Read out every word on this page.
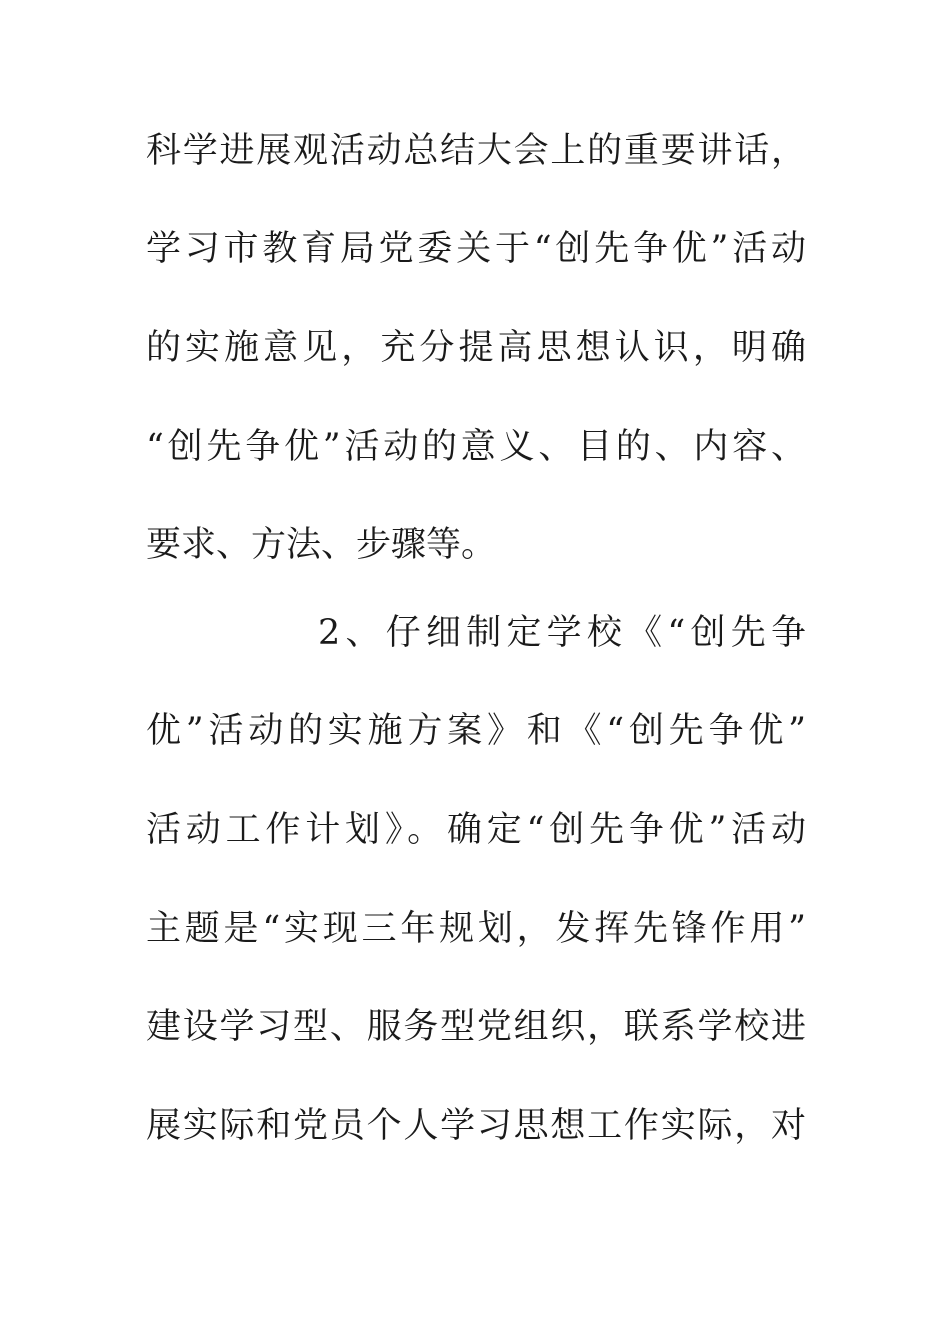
科学进展观活动总结大会上的重要讲话，
学习市教育局党委关于“创先争优”活动
的实施意见，充分提高思想认识，明确
“创先争优”活动的意义、目的、内容、
要求、方法、步骤等。
2、仔细制定学校《“创先争
优”活动的实施方案》和《“创先争优”
活动工作计划》。确定“创先争优”活动
主题是“实现三年规划，发挥先锋作用”
建设学习型、服务型党组织，联系学校进
展实际和党员个人学习思想工作实际，对
